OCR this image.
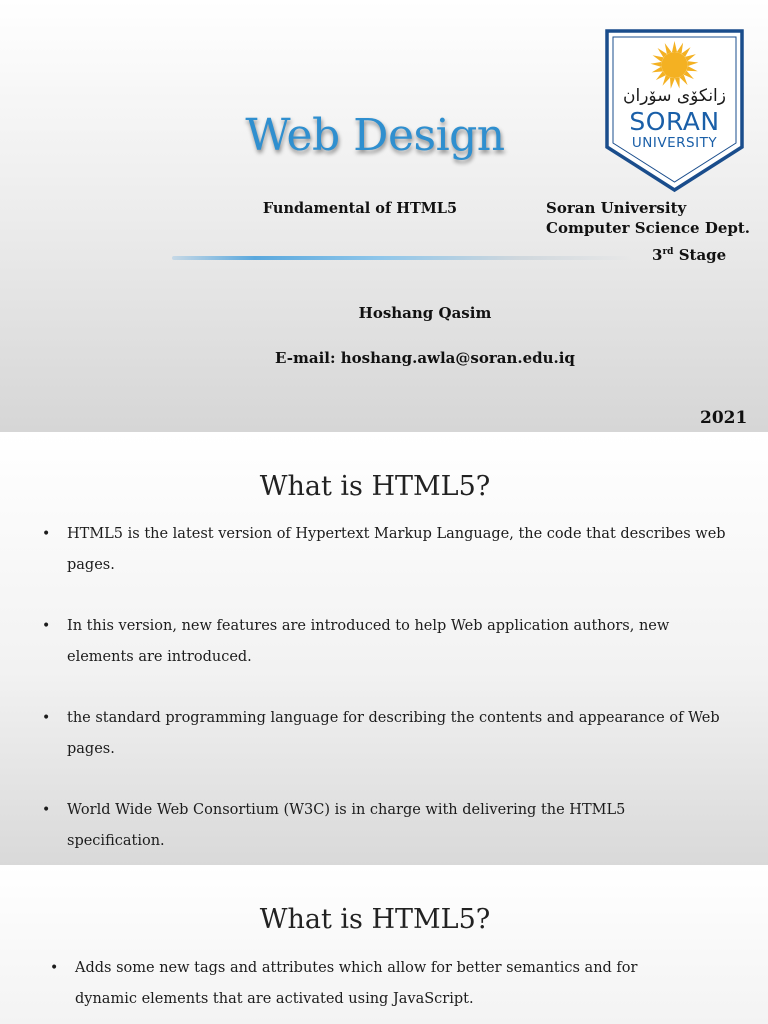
Web Design
Fundamental of HTML5
زانكۆی سۆران
SORAN
UNIVERSITY
Soran University
Computer Science Dept.
3rd Stage
Hoshang Qasim
E-mail: hoshang.awla@soran.edu.iq
2021
What is HTML5?
• HTML5 is the latest version of Hypertext Markup Language, the code that describes web pages.
• In this version, new features are introduced to help Web application authors, new elements are introduced.
• the standard programming language for describing the contents and appearance of Web pages.
• World Wide Web Consortium (W3C) is in charge with delivering the HTML5 specification.
What is HTML5?
• Adds some new tags and attributes which allow for better semantics and for dynamic elements that are activated using JavaScript.
